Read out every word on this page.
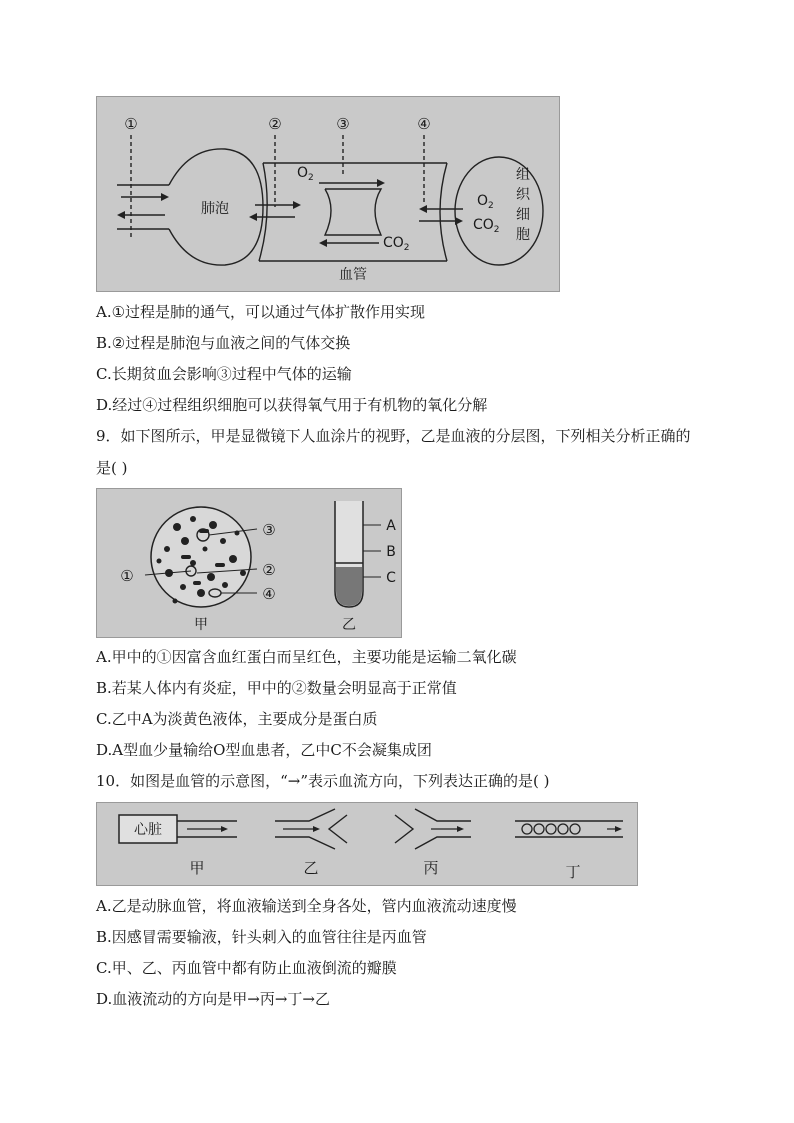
①	②	③	④
肺泡
$O_2$
$CO_2$
血管
$O_2$
$CO_2$
组
织
细
胞
A.①过程是肺的通气，可以通过气体扩散作用实现
B.②过程是肺泡与血液之间的气体交换
C.长期贫血会影响③过程中气体的运输
D.经过④过程组织细胞可以获得氧气用于有机物的氧化分解
9．如下图所示，甲是显微镜下人血涂片的视野，乙是血液的分层图，下列相关分析正确的是( )
①	②
③
④
A
B
C
甲	乙
A.甲中的①因富含血红蛋白而呈红色，主要功能是运输二氧化碳
B.若某人体内有炎症，甲中的②数量会明显高于正常值
C.乙中A为淡黄色液体，主要成分是蛋白质
D.A型血少量输给O型血患者，乙中C不会凝集成团
10．如图是血管的示意图，“→”表示血流方向，下列表达正确的是( )
心脏
甲	乙	丙	丁
A.乙是动脉血管，将血液输送到全身各处，管内血液流动速度慢
B.因感冒需要输液，针头刺入的血管往往是丙血管
C.甲、乙、丙血管中都有防止血液倒流的瓣膜
D.血液流动的方向是甲→丙→丁→乙
